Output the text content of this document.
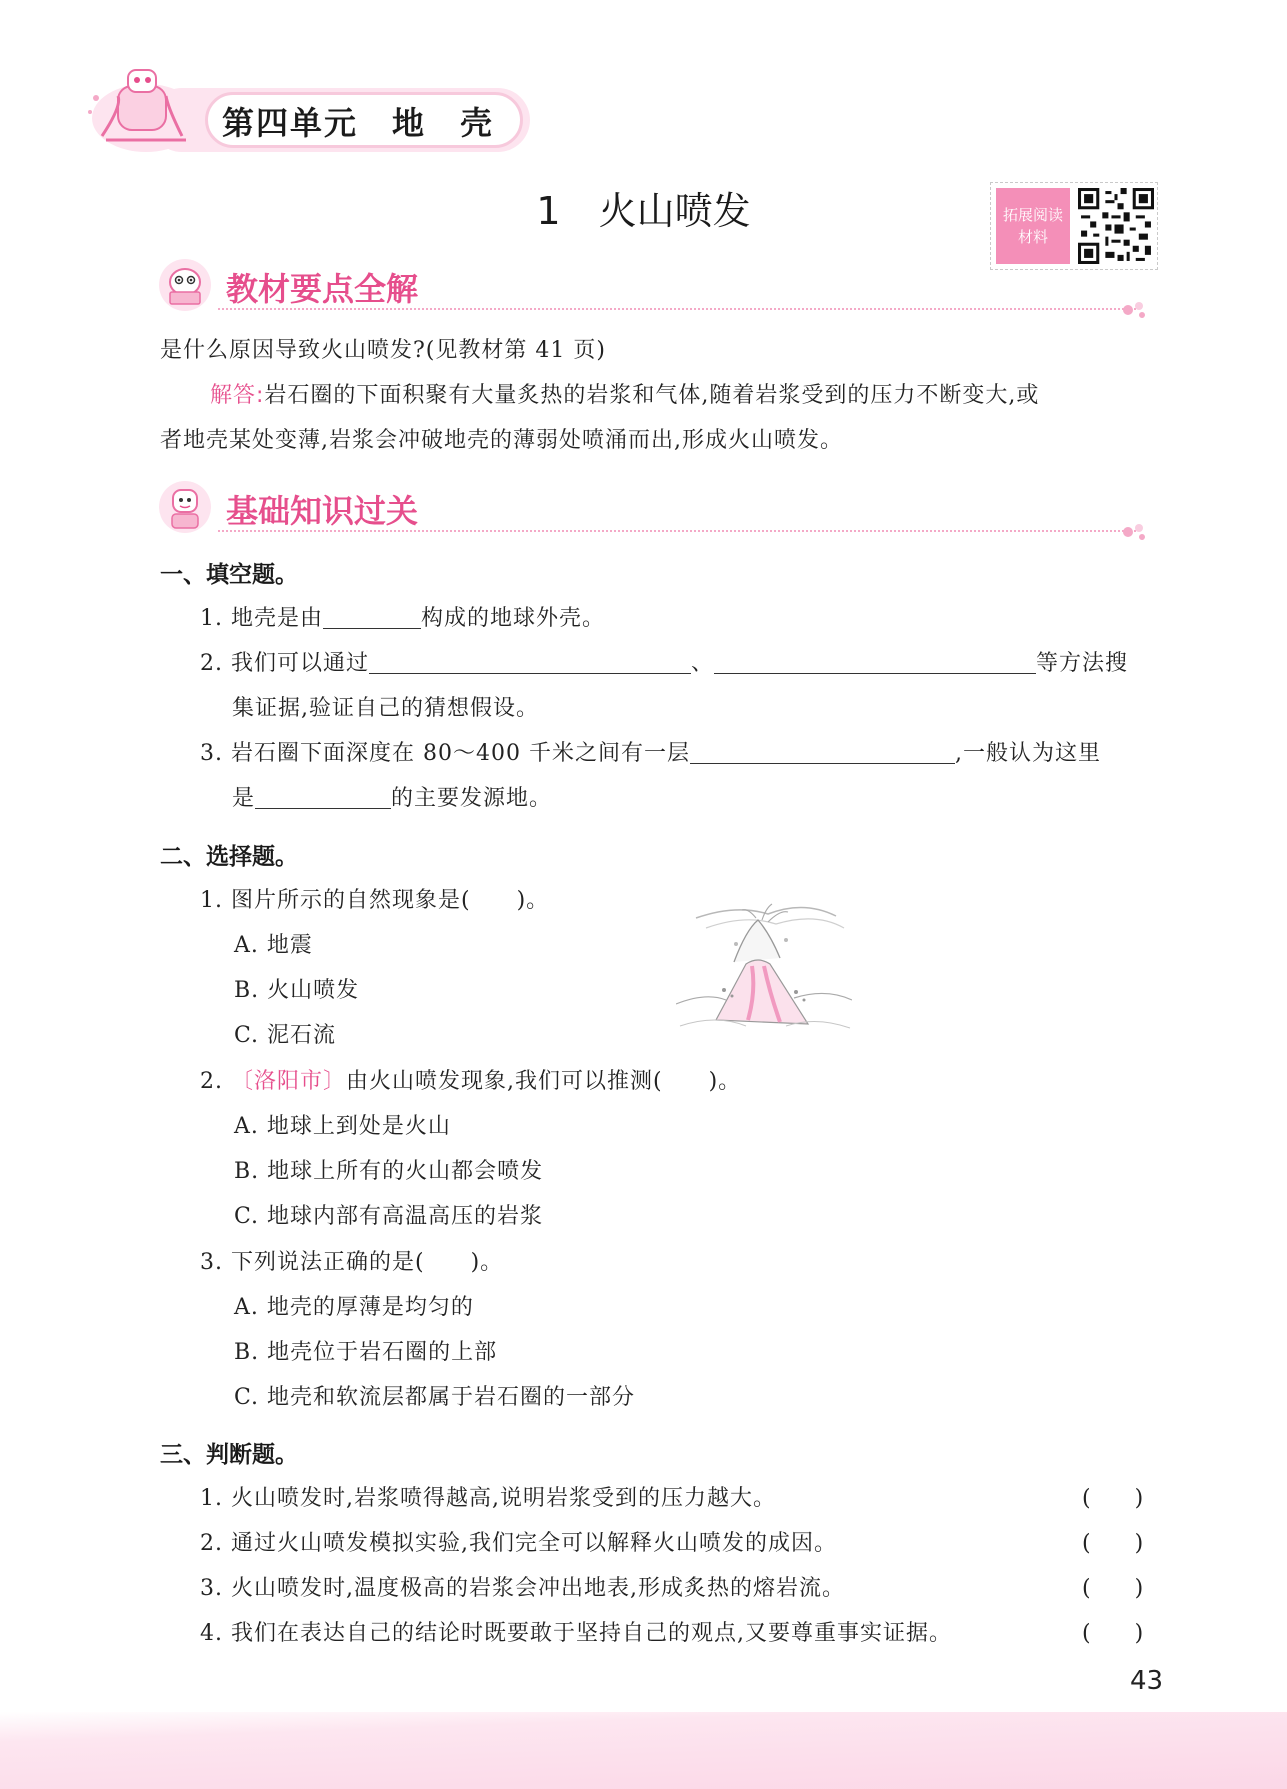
第四单元　地　壳
1　火山喷发	拓展阅读
材料
教材要点全解
是什么原因导致火山喷发?(见教材第 41 页)
解答:岩石圈的下面积聚有大量炙热的岩浆和气体,随着岩浆受到的压力不断变大,或
者地壳某处变薄,岩浆会冲破地壳的薄弱处喷涌而出,形成火山喷发。
基础知识过关
一、填空题。
1. 地壳是由	构成的地球外壳。
2. 我们可以通过	、	等方法搜
集证据,验证自己的猜想假设。
3. 岩石圈下面深度在 80～400 千米之间有一层	,一般认为这里
是	的主要发源地。
二、选择题。
1. 图片所示的自然现象是(　　)。
A. 地震
B. 火山喷发
C. 泥石流
2. 〔洛阳市〕由火山喷发现象,我们可以推测(　　)。
A. 地球上到处是火山
B. 地球上所有的火山都会喷发
C. 地球内部有高温高压的岩浆
3. 下列说法正确的是(　　)。
A. 地壳的厚薄是均匀的
B. 地壳位于岩石圈的上部
C. 地壳和软流层都属于岩石圈的一部分
三、判断题。
1. 火山喷发时,岩浆喷得越高,说明岩浆受到的压力越大。	(　　)
2. 通过火山喷发模拟实验,我们完全可以解释火山喷发的成因。	(　　)
3. 火山喷发时,温度极高的岩浆会冲出地表,形成炙热的熔岩流。	(　　)
4. 我们在表达自己的结论时既要敢于坚持自己的观点,又要尊重事实证据。	(　　)
43
